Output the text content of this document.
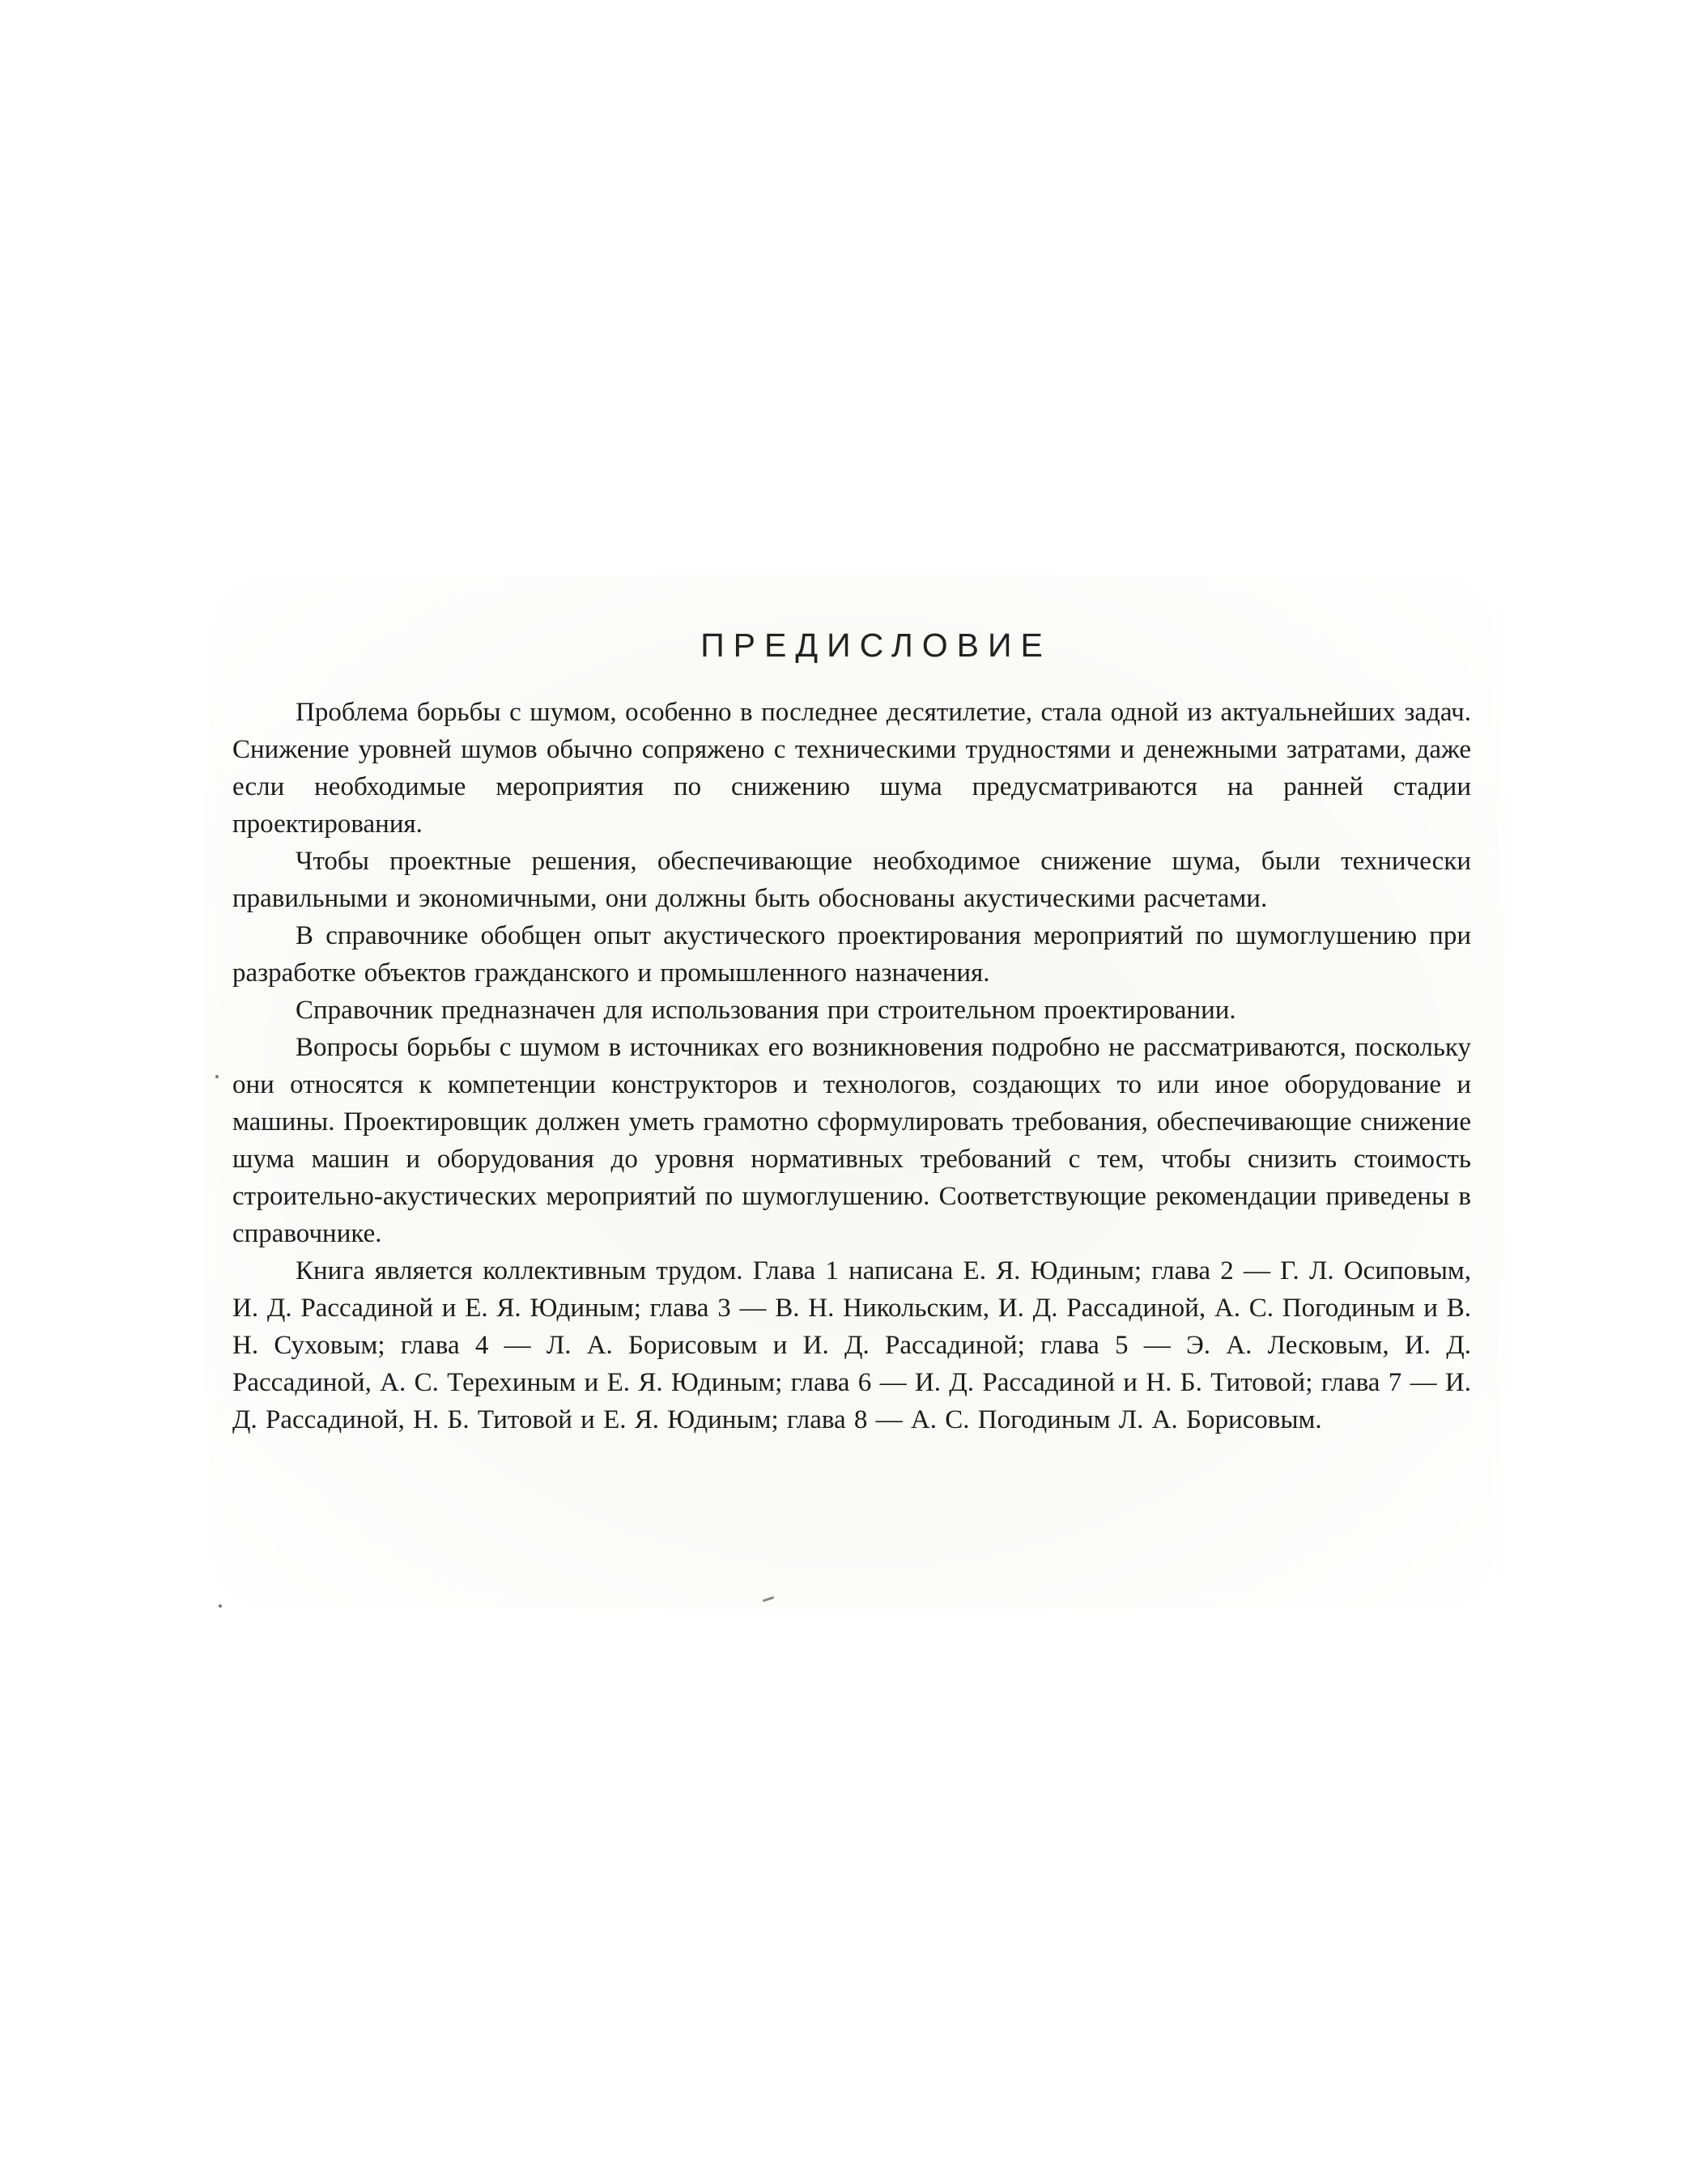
ПРЕДИСЛОВИЕ

Проблема борьбы с шумом, особенно в последнее десятилетие, стала одной из актуальнейших задач. Снижение уровней шумов обычно сопряжено с техническими трудностями и денежными затратами, даже если необходимые мероприятия по снижению шума предусматриваются на ранней стадии проектирования.

Чтобы проектные решения, обеспечивающие необходимое снижение шума, были технически правильными и экономичными, они должны быть обоснованы акустическими расчетами.

В справочнике обобщен опыт акустического проектирования мероприятий по шумоглушению при разработке объектов гражданского и промышленного назначения.

Справочник предназначен для использования при строительном проектировании.

Вопросы борьбы с шумом в источниках его возникновения подробно не рассматриваются, поскольку они относятся к компетенции конструкторов и технологов, создающих то или иное оборудование и машины. Проектировщик должен уметь грамотно сформулировать требования, обеспечивающие снижение шума машин и оборудования до уровня нормативных требований с тем, чтобы снизить стоимость строительно-акустических мероприятий по шумоглушению. Соответствующие рекомендации приведены в справочнике.

Книга является коллективным трудом. Глава 1 написана Е. Я. Юдиным; глава 2 — Г. Л. Осиповым, И. Д. Рассадиной и Е. Я. Юдиным; глава 3 — В. Н. Никольским, И. Д. Рассадиной, А. С. Погодиным и В. Н. Суховым; глава 4 — Л. А. Борисовым и И. Д. Рассадиной; глава 5 — Э. А. Лесковым, И. Д. Рассадиной, А. С. Терехиным и Е. Я. Юдиным; глава 6 — И. Д. Рассадиной и Н. Б. Титовой; глава 7 — И. Д. Рассадиной, Н. Б. Титовой и Е. Я. Юдиным; глава 8 — А. С. Погодиным Л. А. Борисовым.
